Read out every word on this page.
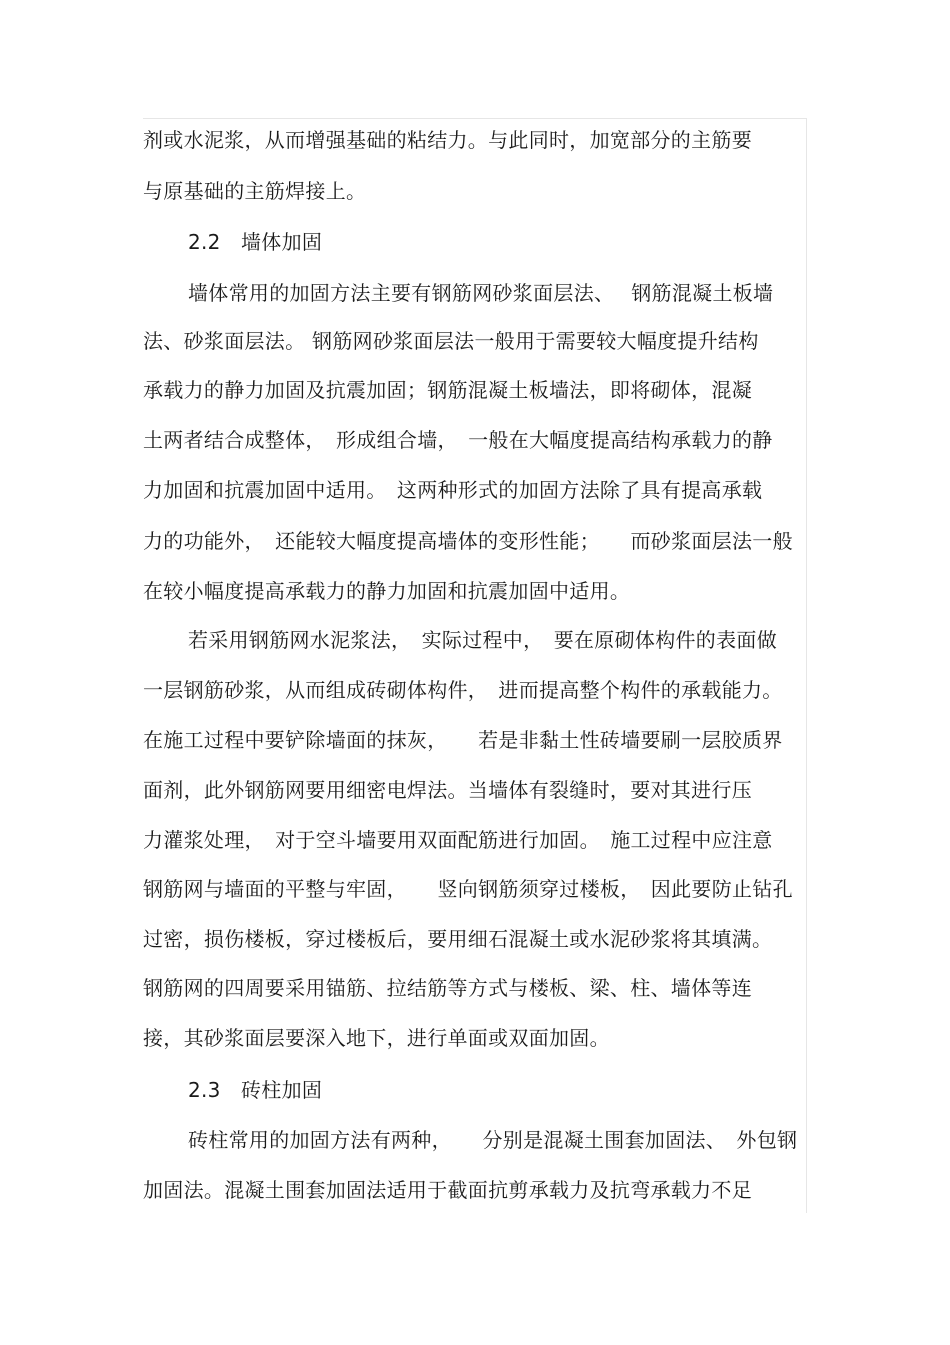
剂或水泥浆，从而增强基础的粘结力。与此同时，加宽部分的主筋要
与原基础的主筋焊接上。
2.2　墙体加固
墙体常用的加固方法主要有钢筋网砂浆面层法、　 钢筋混凝土板墙
法、砂浆面层法。 钢筋网砂浆面层法一般用于需要较大幅度提升结构
承载力的静力加固及抗震加固；钢筋混凝土板墙法，即将砌体，混凝
土两者结合成整体，　形成组合墙，　一般在大幅度提高结构承载力的静
力加固和抗震加固中适用。　这两种形式的加固方法除了具有提高承载
力的功能外，　还能较大幅度提高墙体的变形性能；　　而砂浆面层法一般
在较小幅度提高承载力的静力加固和抗震加固中适用。
若采用钢筋网水泥浆法，　实际过程中，　要在原砌体构件的表面做
一层钢筋砂浆，从而组成砖砌体构件，　进而提高整个构件的承载能力。
在施工过程中要铲除墙面的抹灰，　　若是非黏土性砖墙要刷一层胶质界
面剂，此外钢筋网要用细密电焊法。当墙体有裂缝时，要对其进行压
力灌浆处理，　对于空斗墙要用双面配筋进行加固。　施工过程中应注意
钢筋网与墙面的平整与牢固，　　竖向钢筋须穿过楼板，　因此要防止钻孔
过密，损伤楼板，穿过楼板后，要用细石混凝土或水泥砂浆将其填满。
钢筋网的四周要采用锚筋、拉结筋等方式与楼板、梁、柱、墙体等连
接，其砂浆面层要深入地下，进行单面或双面加固。
2.3　砖柱加固
砖柱常用的加固方法有两种，　　分别是混凝土围套加固法、　外包钢
加固法。混凝土围套加固法适用于截面抗剪承载力及抗弯承载力不足
